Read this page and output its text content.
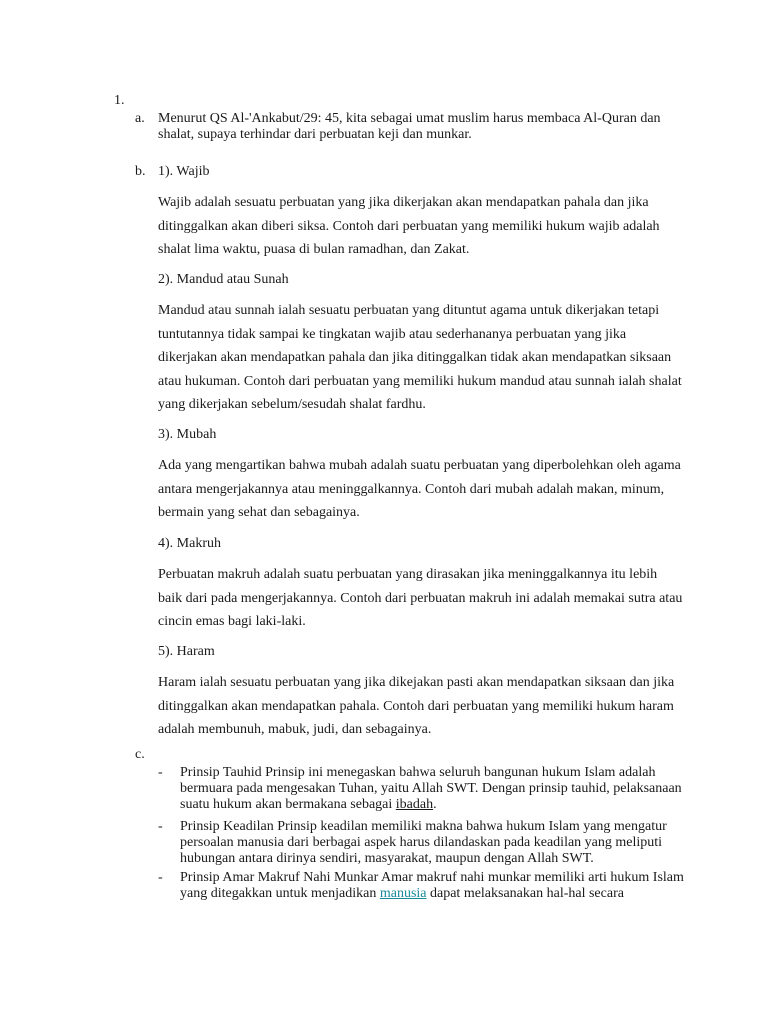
1.
a. Menurut QS Al-'Ankabut/29: 45, kita sebagai umat muslim harus membaca Al-Quran dan shalat, supaya terhindar dari perbuatan keji dan munkar.
b. 1). Wajib
Wajib adalah sesuatu perbuatan yang jika dikerjakan akan mendapatkan pahala dan jika ditinggalkan akan diberi siksa. Contoh dari perbuatan yang memiliki hukum wajib adalah shalat lima waktu, puasa di bulan ramadhan, dan Zakat.
2). Mandud atau Sunah
Mandud atau sunnah ialah sesuatu perbuatan yang dituntut agama untuk dikerjakan tetapi tuntutannya tidak sampai ke tingkatan wajib atau sederhananya perbuatan yang jika dikerjakan akan mendapatkan pahala dan jika ditinggalkan tidak akan mendapatkan siksaan atau hukuman. Contoh dari perbuatan yang memiliki hukum mandud atau sunnah ialah shalat yang dikerjakan sebelum/sesudah shalat fardhu.
3). Mubah
Ada yang mengartikan bahwa mubah adalah suatu perbuatan yang diperbolehkan oleh agama antara mengerjakannya atau meninggalkannya. Contoh dari mubah adalah makan, minum, bermain yang sehat dan sebagainya.
4). Makruh
Perbuatan makruh adalah suatu perbuatan yang dirasakan jika meninggalkannya itu lebih baik dari pada mengerjakannya. Contoh dari perbuatan makruh ini adalah memakai sutra atau cincin emas bagi laki-laki.
5). Haram
Haram ialah sesuatu perbuatan yang jika dikejakan pasti akan mendapatkan siksaan dan jika ditinggalkan akan mendapatkan pahala. Contoh dari perbuatan yang memiliki hukum haram adalah membunuh, mabuk, judi, dan sebagainya.
c.
- Prinsip Tauhid Prinsip ini menegaskan bahwa seluruh bangunan hukum Islam adalah bermuara pada mengesakan Tuhan, yaitu Allah SWT. Dengan prinsip tauhid, pelaksanaan suatu hukum akan bermakana sebagai ibadah.
- Prinsip Keadilan Prinsip keadilan memiliki makna bahwa hukum Islam yang mengatur persoalan manusia dari berbagai aspek harus dilandaskan pada keadilan yang meliputi hubungan antara dirinya sendiri, masyarakat, maupun dengan Allah SWT.
- Prinsip Amar Makruf Nahi Munkar Amar makruf nahi munkar memiliki arti hukum Islam yang ditegakkan untuk menjadikan manusia dapat melaksanakan hal-hal secara
